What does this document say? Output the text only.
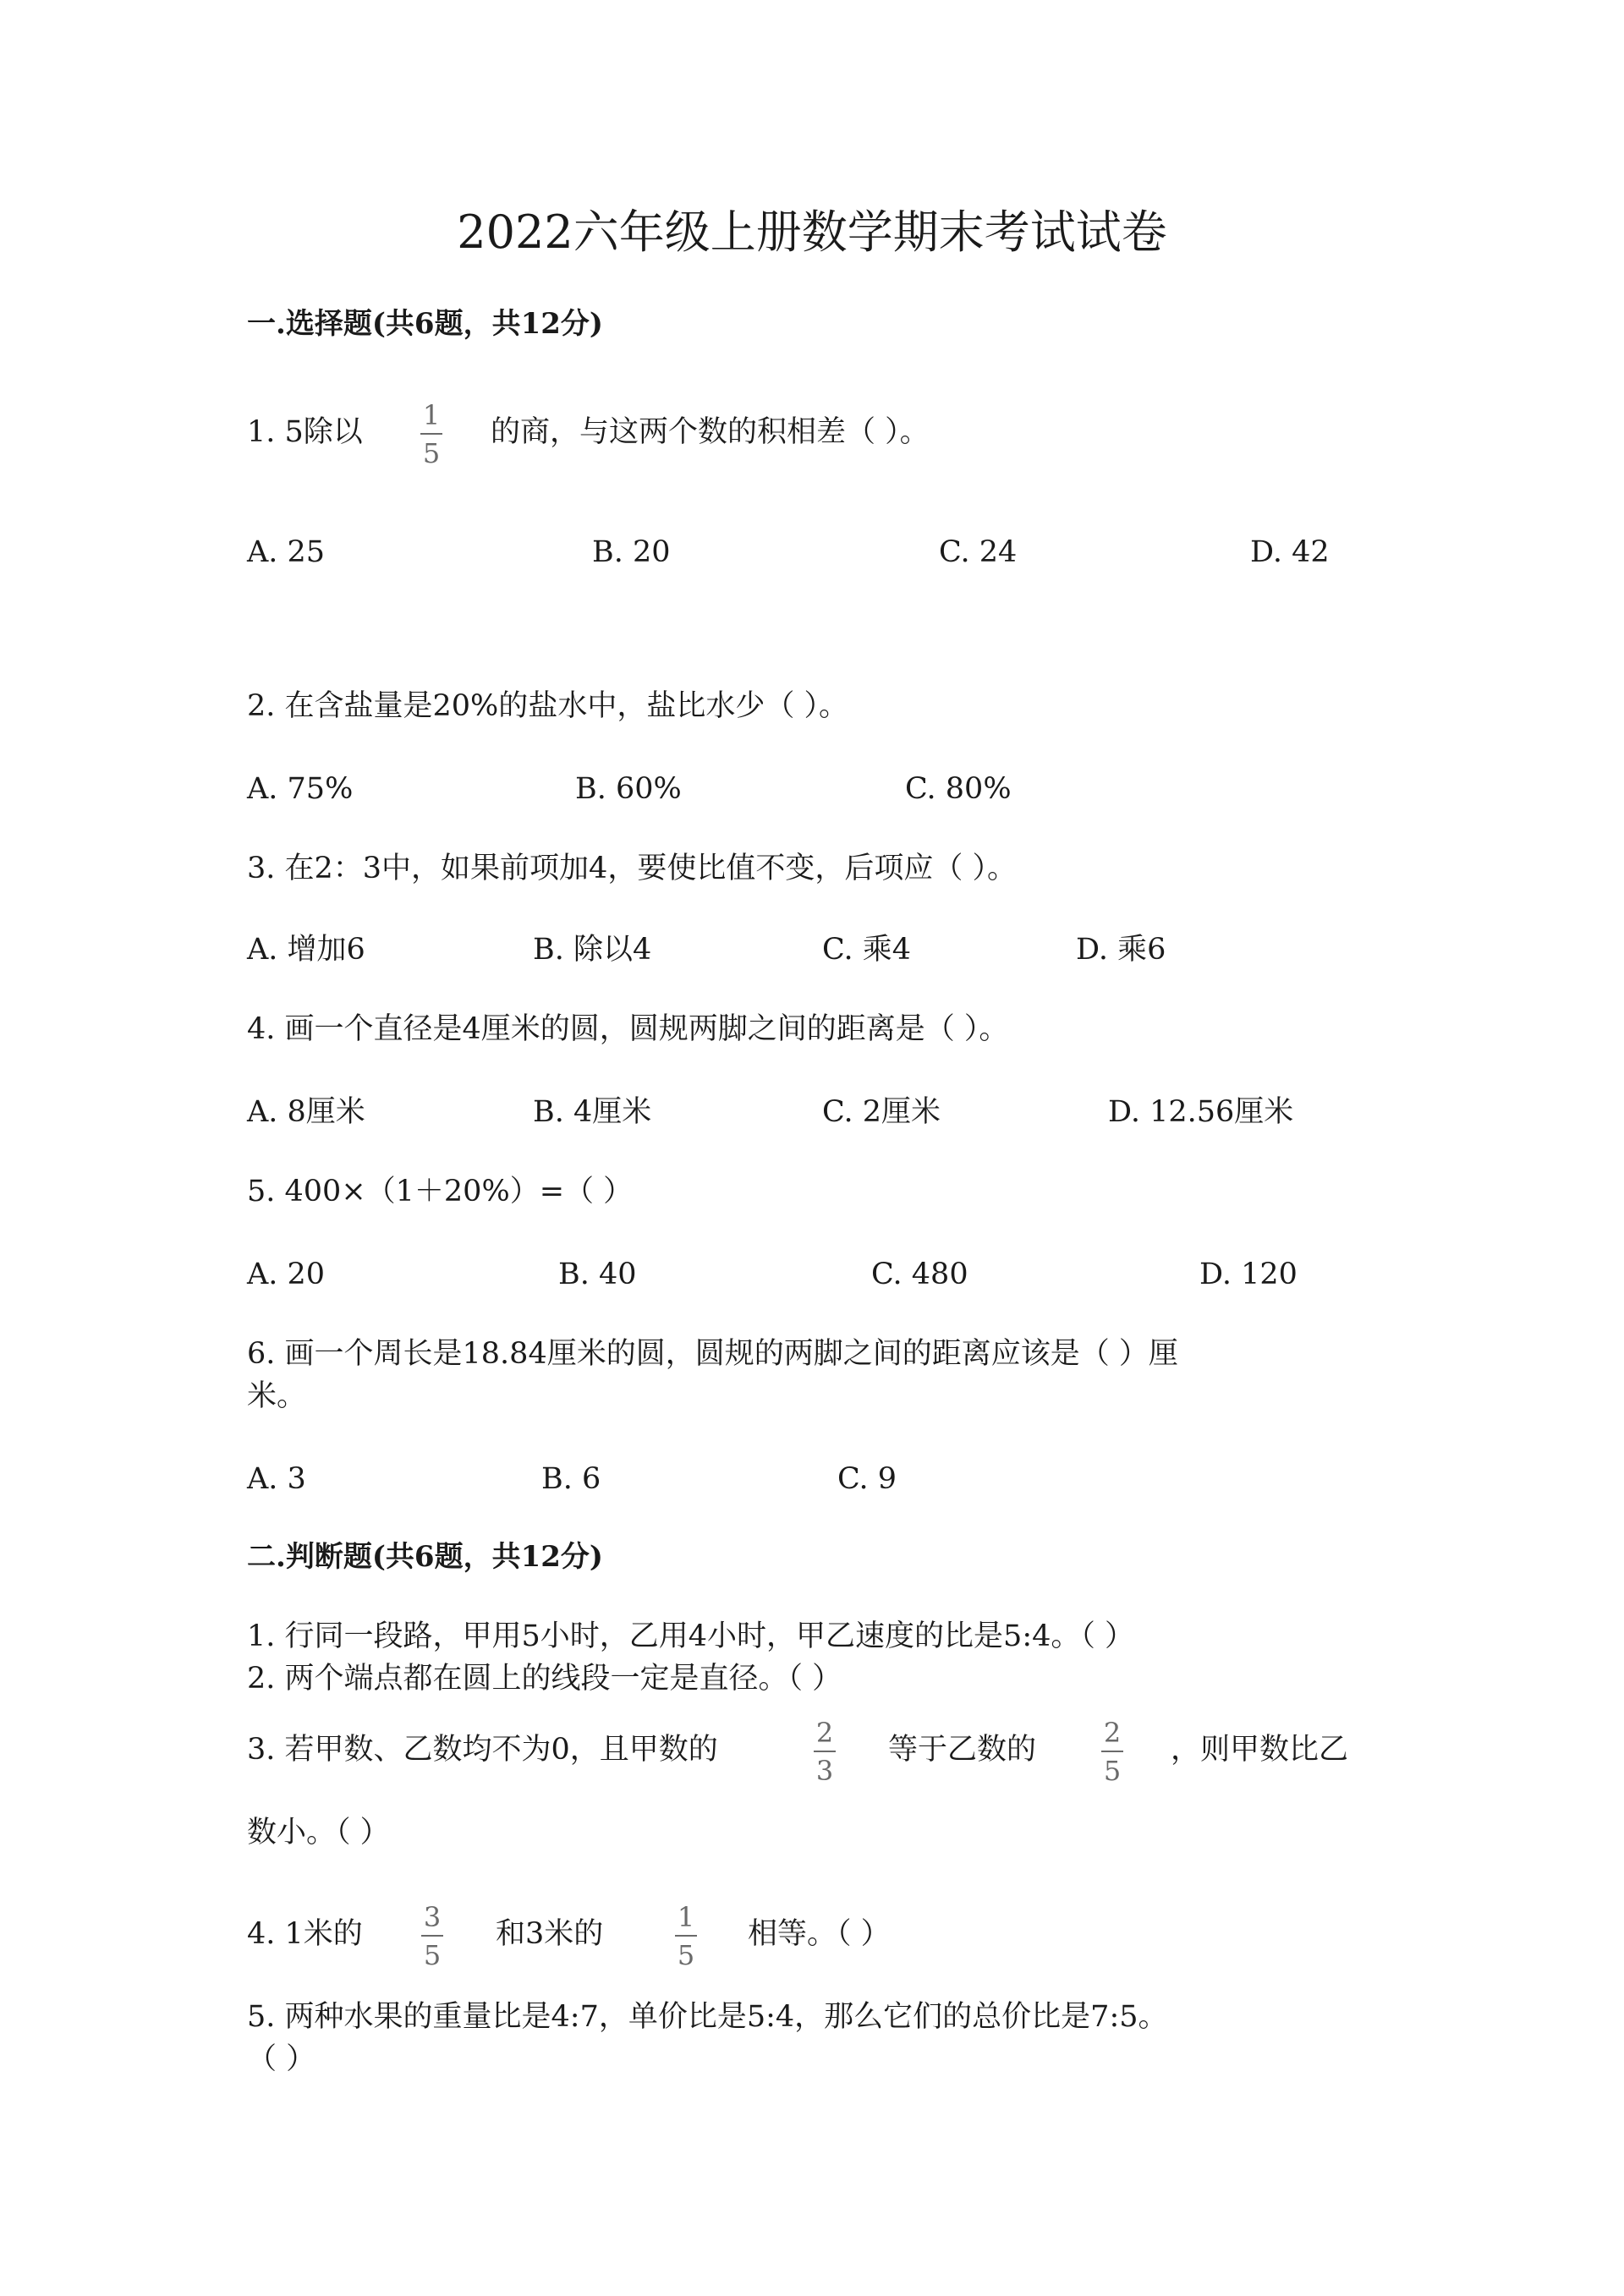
2022六年级上册数学期末考试试卷
一.选择题(共6题，共12分)
1. 5除以 1
5
的商，与这两个数的积相差（ ）。
A. 25	B. 20	C. 24	D. 42
2. 在含盐量是20%的盐水中，盐比水少（ ）。
A. 75%	B. 60%	C. 80%
3. 在2：3中，如果前项加4，要使比值不变，后项应（ ）。
A. 增加6	B. 除以4	C. 乘4	D. 乘6
4. 画一个直径是4厘米的圆，圆规两脚之间的距离是（ ）。
A. 8厘米	B. 4厘米	C. 2厘米	D. 12.56厘米
5. 400×（1＋20%）=（ ）
A. 20	B. 40	C. 480	D. 120
6. 画一个周长是18.84厘米的圆，圆规的两脚之间的距离应该是（ ）厘
米。
A. 3	B. 6	C. 9
二.判断题(共6题，共12分)
1. 行同一段路，甲用5小时，乙用4小时，甲乙速度的比是5:4。（ ）
2. 两个端点都在圆上的线段一定是直径。（ ）
3. 若甲数、乙数均不为0，且甲数的	2
3
等于乙数的 2
5
，则甲数比乙
数小。（ ）
4. 1米的 3
5
和3米的	1
5
相等。（ ）
5. 两种水果的重量比是4:7，单价比是5:4，那么它们的总价比是7:5。
（ ）
